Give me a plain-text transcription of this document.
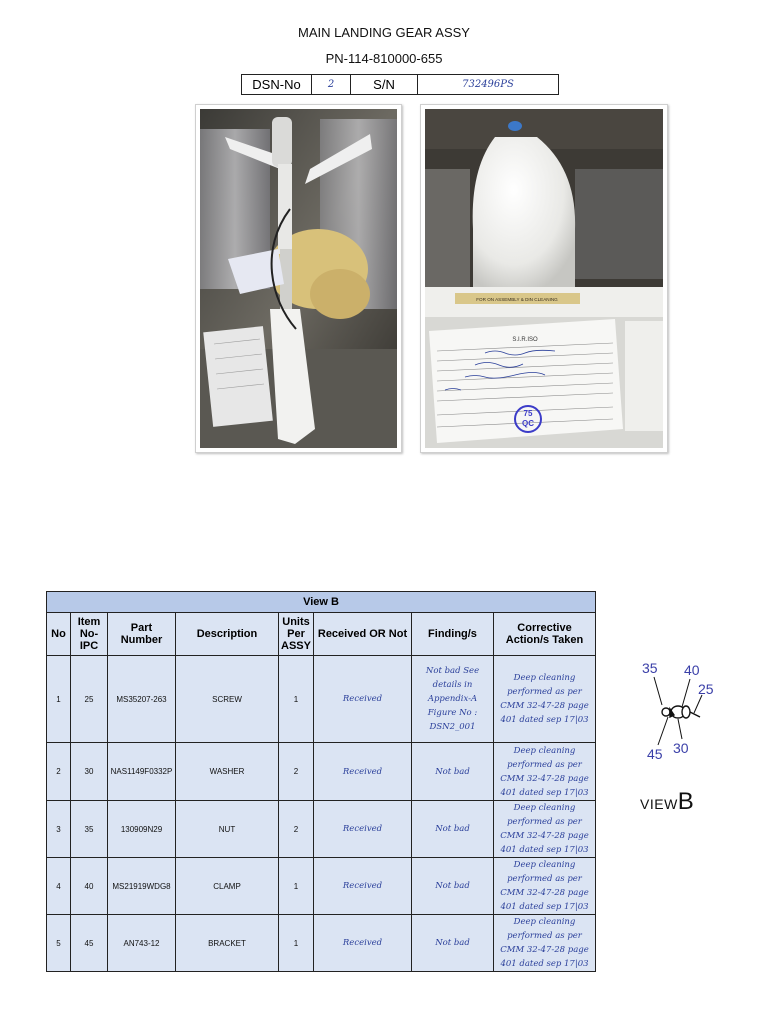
MAIN LANDING GEAR ASSY
PN-114-810000-655
DSN-No	2	S/N	732496PS
FOR ON ASSEMBLY & DIN CLEANING
S.I.R.ISO
75
QC
View B							
No	Item No-IPC	Part Number	Description	Units Per ASSY	Received OR Not	Finding/s	Corrective Action/s Taken
1	25	MS35207-263	SCREW	1	Received	Not bad See details in Appendix-A Figure No : DSN2_001	Deep cleaning performed as per CMM 32-47-28 page 401 dated sep 17|03
2	30	NAS1149F0332P	WASHER	2	Received	Not bad	Deep cleaning performed as per CMM 32-47-28 page 401 dated sep 17|03
3	35	130909N29	NUT	2	Received	Not bad	Deep cleaning performed as per CMM 32-47-28 page 401 dated sep 17|03
4	40	MS21919WDG8	CLAMP	1	Received	Not bad	Deep cleaning performed as per CMM 32-47-28 page 401 dated sep 17|03
5	45	AN743-12	BRACKET	1	Received	Not bad	Deep cleaning performed as per CMM 32-47-28 page 401 dated sep 17|03
35 40
25
45 30
VIEWB
